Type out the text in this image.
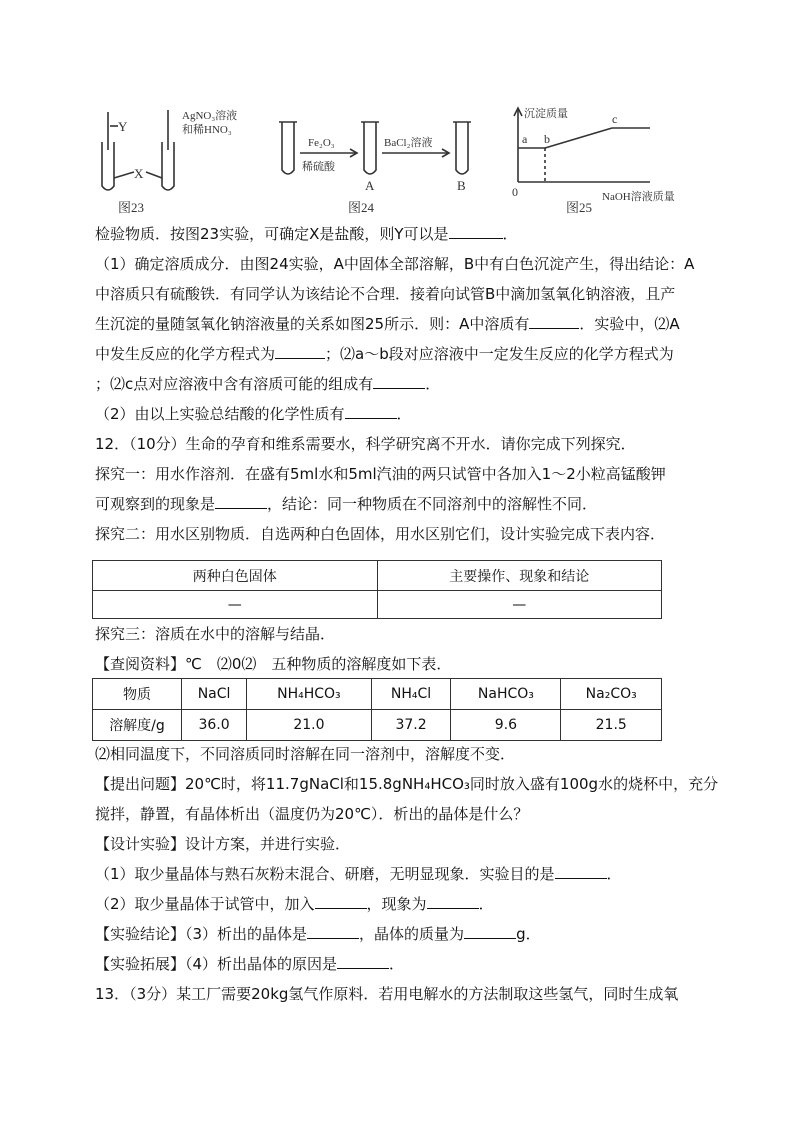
Y
X
AgNO₃溶液
和稀HNO₃
图23
Fe₂O₃
稀硫酸
BaCl₂溶液
A	B
图24
沉淀质量
NaOH溶液质量
0
a b
c
图25
检验物质．按图23实验，可确定X是盐酸，则Y可以是	．
（1）确定溶质成分．由图24实验，A中固体全部溶解，B中有白色沉淀产生，得出结论：A
中溶质只有硫酸铁．有同学认为该结论不合理．接着向试管B中滴加氢氧化钠溶液，且产
生沉淀的量随氢氧化钠溶液量的关系如图25所示．则：A中溶质有	．实验中，⑵A
中发生反应的化学方程式为	；⑵a～b段对应溶液中一定发生反应的化学方程式为
；⑵c点对应溶液中含有溶质可能的组成有	．
（2）由以上实验总结酸的化学性质有	．
12．（10分）生命的孕育和维系需要水，科学研究离不开水．请你完成下列探究．
探究一：用水作溶剂．在盛有5ml水和5ml汽油的两只试管中各加入1～2小粒高锰酸钾
可观察到的现象是	，结论：同一种物质在不同溶剂中的溶解性不同．
探究二：用水区别物质．自选两种白色固体，用水区别它们，设计实验完成下表内容．
两种白色固体	主要操作、现象和结论
—	—
探究三：溶质在水中的溶解与结晶．
【查阅资料】℃　⑵0⑵　五种物质的溶解度如下表．
物质	NaCl	NH₄HCO₃	NH₄Cl	NaHCO₃	Na₂CO₃
溶解度/g	36.0	21.0	37.2	9.6	21.5
⑵相同温度下，不同溶质同时溶解在同一溶剂中，溶解度不变．
【提出问题】20℃时，将11.7gNaCl和15.8gNH₄HCO₃同时放入盛有100g水的烧杯中，充分
搅拌，静置，有晶体析出（温度仍为20℃）．析出的晶体是什么？
【设计实验】设计方案，并进行实验．
（1）取少量晶体与熟石灰粉末混合、研磨，无明显现象．实验目的是	．
（2）取少量晶体于试管中，加入	，现象为	．
【实验结论】（3）析出的晶体是	，晶体的质量为	g．
【实验拓展】（4）析出晶体的原因是	．
13．（3分）某工厂需要20kg氢气作原料．若用电解水的方法制取这些氢气，同时生成氧
